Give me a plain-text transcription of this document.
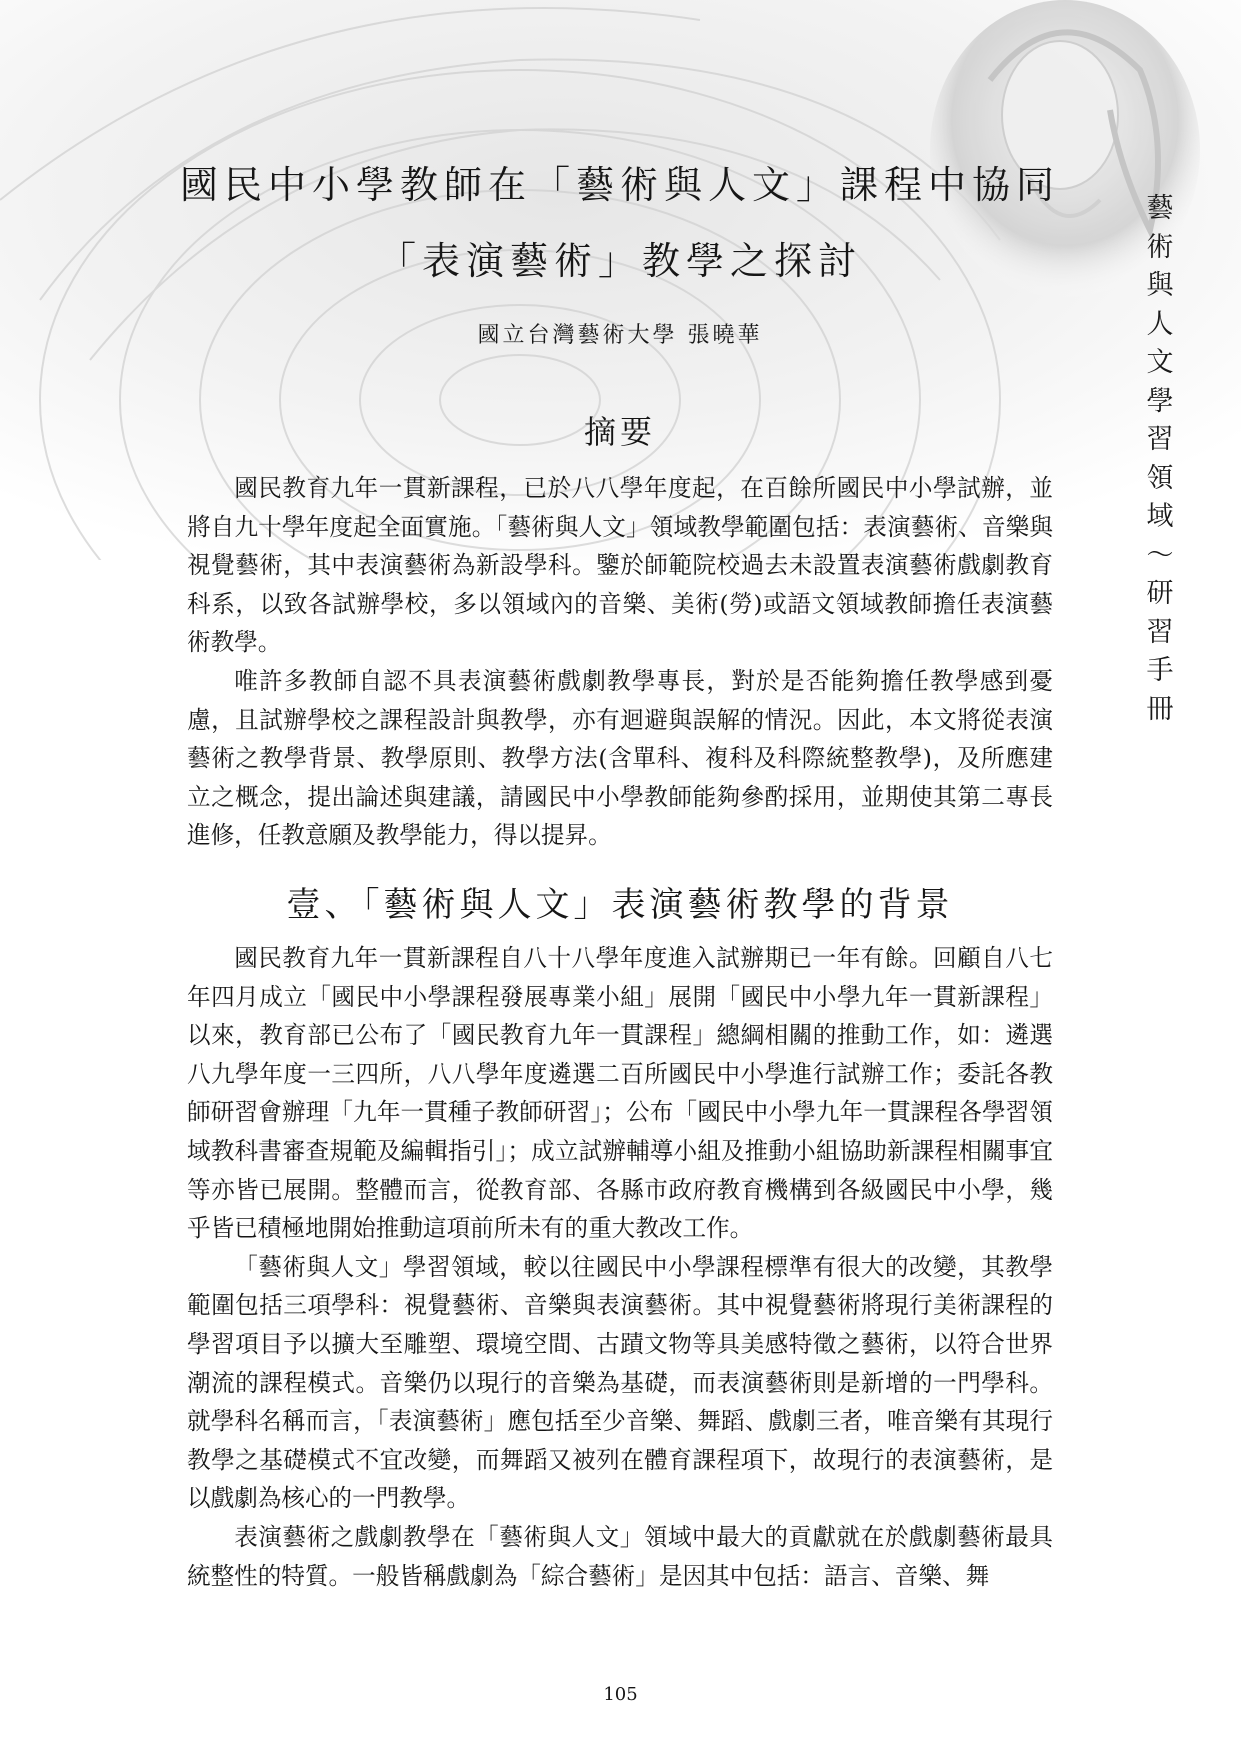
藝
術
與
人
文
學
習
領
域
～
研
習
手
冊
國民中小學教師在「藝術與人文」課程中協同
「表演藝術」教學之探討
國立台灣藝術大學 張曉華
摘要

國民教育九年一貫新課程，已於八八學年度起，在百餘所國民中小學試辦，並將自九十學年度起全面實施。「藝術與人文」領域教學範圍包括：表演藝術、音樂與視覺藝術，其中表演藝術為新設學科。鑒於師範院校過去未設置表演藝術戲劇教育科系，以致各試辦學校，多以領域內的音樂、美術(勞)或語文領域教師擔任表演藝術教學。

唯許多教師自認不具表演藝術戲劇教學專長，對於是否能夠擔任教學感到憂慮，且試辦學校之課程設計與教學，亦有迴避與誤解的情況。因此，本文將從表演藝術之教學背景、教學原則、教學方法(含單科、複科及科際統整教學)，及所應建立之概念，提出論述與建議，請國民中小學教師能夠參酌採用，並期使其第二專長進修，任教意願及教學能力，得以提昇。

壹、「藝術與人文」表演藝術教學的背景

國民教育九年一貫新課程自八十八學年度進入試辦期已一年有餘。回顧自八七年四月成立「國民中小學課程發展專業小組」展開「國民中小學九年一貫新課程」以來，教育部已公布了「國民教育九年一貫課程」總綱相關的推動工作，如：遴選八九學年度一三四所，八八學年度遴選二百所國民中小學進行試辦工作；委託各教師研習會辦理「九年一貫種子教師研習」；公布「國民中小學九年一貫課程各學習領域教科書審查規範及編輯指引」；成立試辦輔導小組及推動小組協助新課程相關事宜等亦皆已展開。整體而言，從教育部、各縣市政府教育機構到各級國民中小學，幾乎皆已積極地開始推動這項前所未有的重大教改工作。

「藝術與人文」學習領域，較以往國民中小學課程標準有很大的改變，其教學範圍包括三項學科：視覺藝術、音樂與表演藝術。其中視覺藝術將現行美術課程的學習項目予以擴大至雕塑、環境空間、古蹟文物等具美感特徵之藝術，以符合世界潮流的課程模式。音樂仍以現行的音樂為基礎，而表演藝術則是新增的一門學科。就學科名稱而言，「表演藝術」應包括至少音樂、舞蹈、戲劇三者，唯音樂有其現行教學之基礎模式不宜改變，而舞蹈又被列在體育課程項下，故現行的表演藝術，是以戲劇為核心的一門教學。

表演藝術之戲劇教學在「藝術與人文」領域中最大的貢獻就在於戲劇藝術最具統整性的特質。一般皆稱戲劇為「綜合藝術」是因其中包括：語言、音樂、舞

105
